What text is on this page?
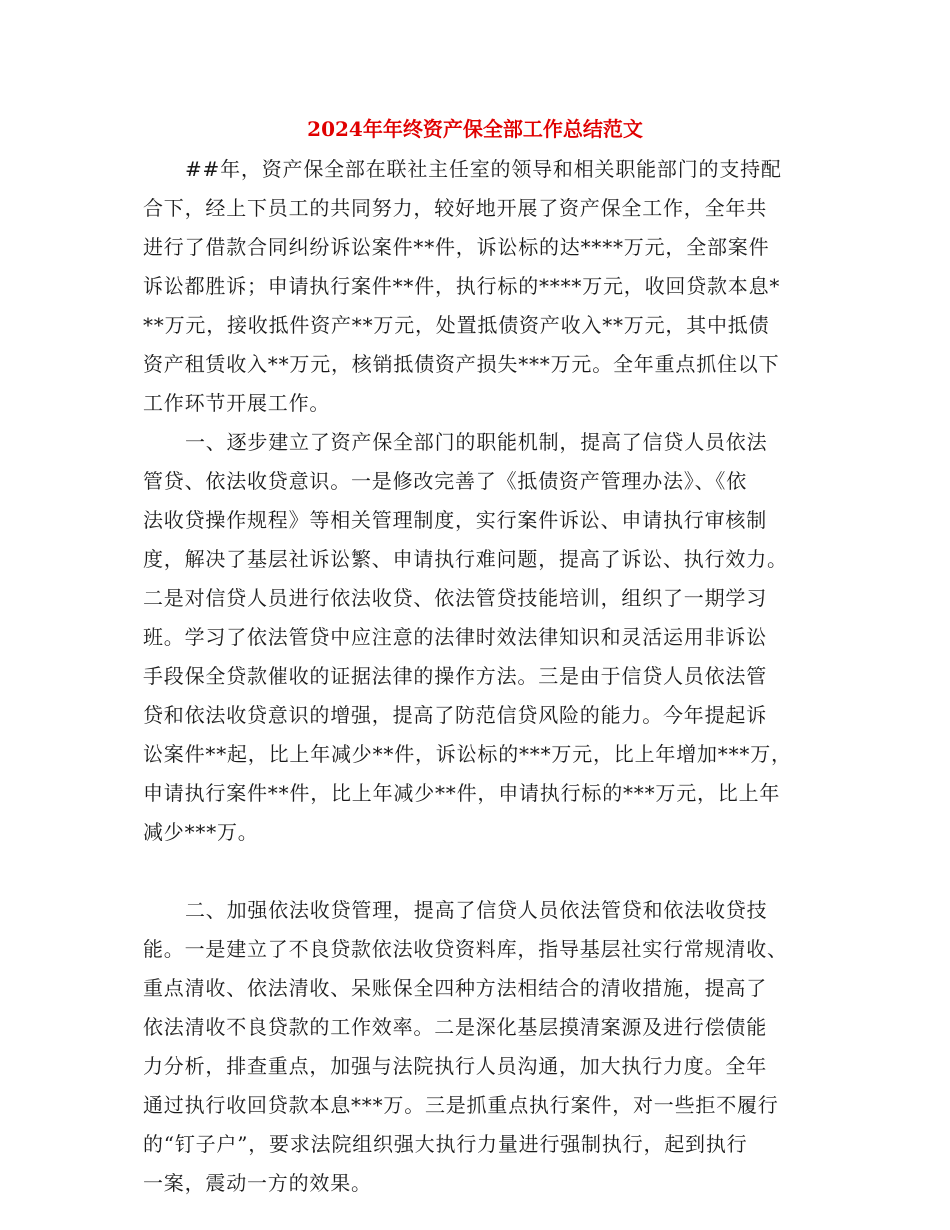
2024年年终资产保全部工作总结范文
##年，资产保全部在联社主任室的领导和相关职能部门的支持配
合下，经上下员工的共同努力，较好地开展了资产保全工作，全年共
进行了借款合同纠纷诉讼案件**件，诉讼标的达****万元，全部案件
诉讼都胜诉；申请执行案件**件，执行标的****万元，收回贷款本息*
**万元，接收抵件资产**万元，处置抵债资产收入**万元，其中抵债
资产租赁收入**万元，核销抵债资产损失***万元。全年重点抓住以下
工作环节开展工作。
一、逐步建立了资产保全部门的职能机制，提高了信贷人员依法
管贷、依法收贷意识。一是修改完善了《抵债资产管理办法》、《依
法收贷操作规程》等相关管理制度，实行案件诉讼、申请执行审核制
度，解决了基层社诉讼繁、申请执行难问题，提高了诉讼、执行效力。
二是对信贷人员进行依法收贷、依法管贷技能培训，组织了一期学习
班。学习了依法管贷中应注意的法律时效法律知识和灵活运用非诉讼
手段保全贷款催收的证据法律的操作方法。三是由于信贷人员依法管
贷和依法收贷意识的增强，提高了防范信贷风险的能力。今年提起诉
讼案件**起，比上年减少**件，诉讼标的***万元，比上年增加***万，
申请执行案件**件，比上年减少**件，申请执行标的***万元，比上年
减少***万。
二、加强依法收贷管理，提高了信贷人员依法管贷和依法收贷技
能。一是建立了不良贷款依法收贷资料库，指导基层社实行常规清收、
重点清收、依法清收、呆账保全四种方法相结合的清收措施，提高了
依法清收不良贷款的工作效率。二是深化基层摸清案源及进行偿债能
力分析，排查重点，加强与法院执行人员沟通，加大执行力度。全年
通过执行收回贷款本息***万。三是抓重点执行案件，对一些拒不履行
的“钉子户”，要求法院组织强大执行力量进行强制执行，起到执行
一案，震动一方的效果。
